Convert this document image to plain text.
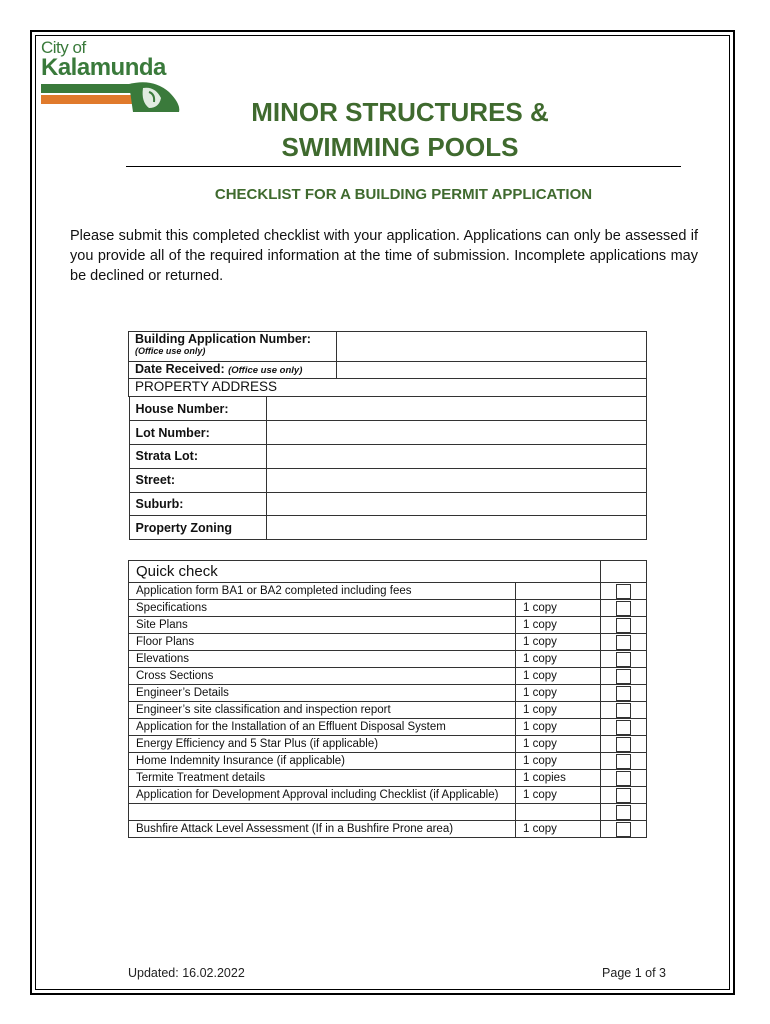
City of
Kalamunda
MINOR STRUCTURES &
SWIMMING POOLS
CHECKLIST FOR A BUILDING PERMIT APPLICATION
Please submit this completed checklist with your application. Applications can only be assessed if you provide all of the required information at the time of submission. Incomplete applications may be declined or returned.
Building Application Number:
(Office use only)

Date Received: (Office use only)	
PROPERTY ADDRESS

House Number:	
Lot Number:	
Strata Lot:	
Street:	
Suburb:	
Property Zoning	
Quick check		
Application form BA1 or BA2 completed including fees		
Specifications	1 copy	
Site Plans	1 copy	
Floor Plans	1 copy	
Elevations	1 copy	
Cross Sections	1 copy	
Engineer’s Details	1 copy	
Engineer’s site classification and inspection report	1 copy	
Application for the Installation of an Effluent Disposal System	1 copy	
Energy Efficiency and 5 Star Plus (if applicable)	1 copy	
Home Indemnity Insurance (if applicable)	1 copy	
Termite Treatment details	1 copies	
Application for Development Approval including Checklist (if Applicable)	1 copy	

Bushfire Attack Level Assessment (If in a Bushfire Prone area)	1 copy	
Updated: 16.02.2022	Page 1 of 3
